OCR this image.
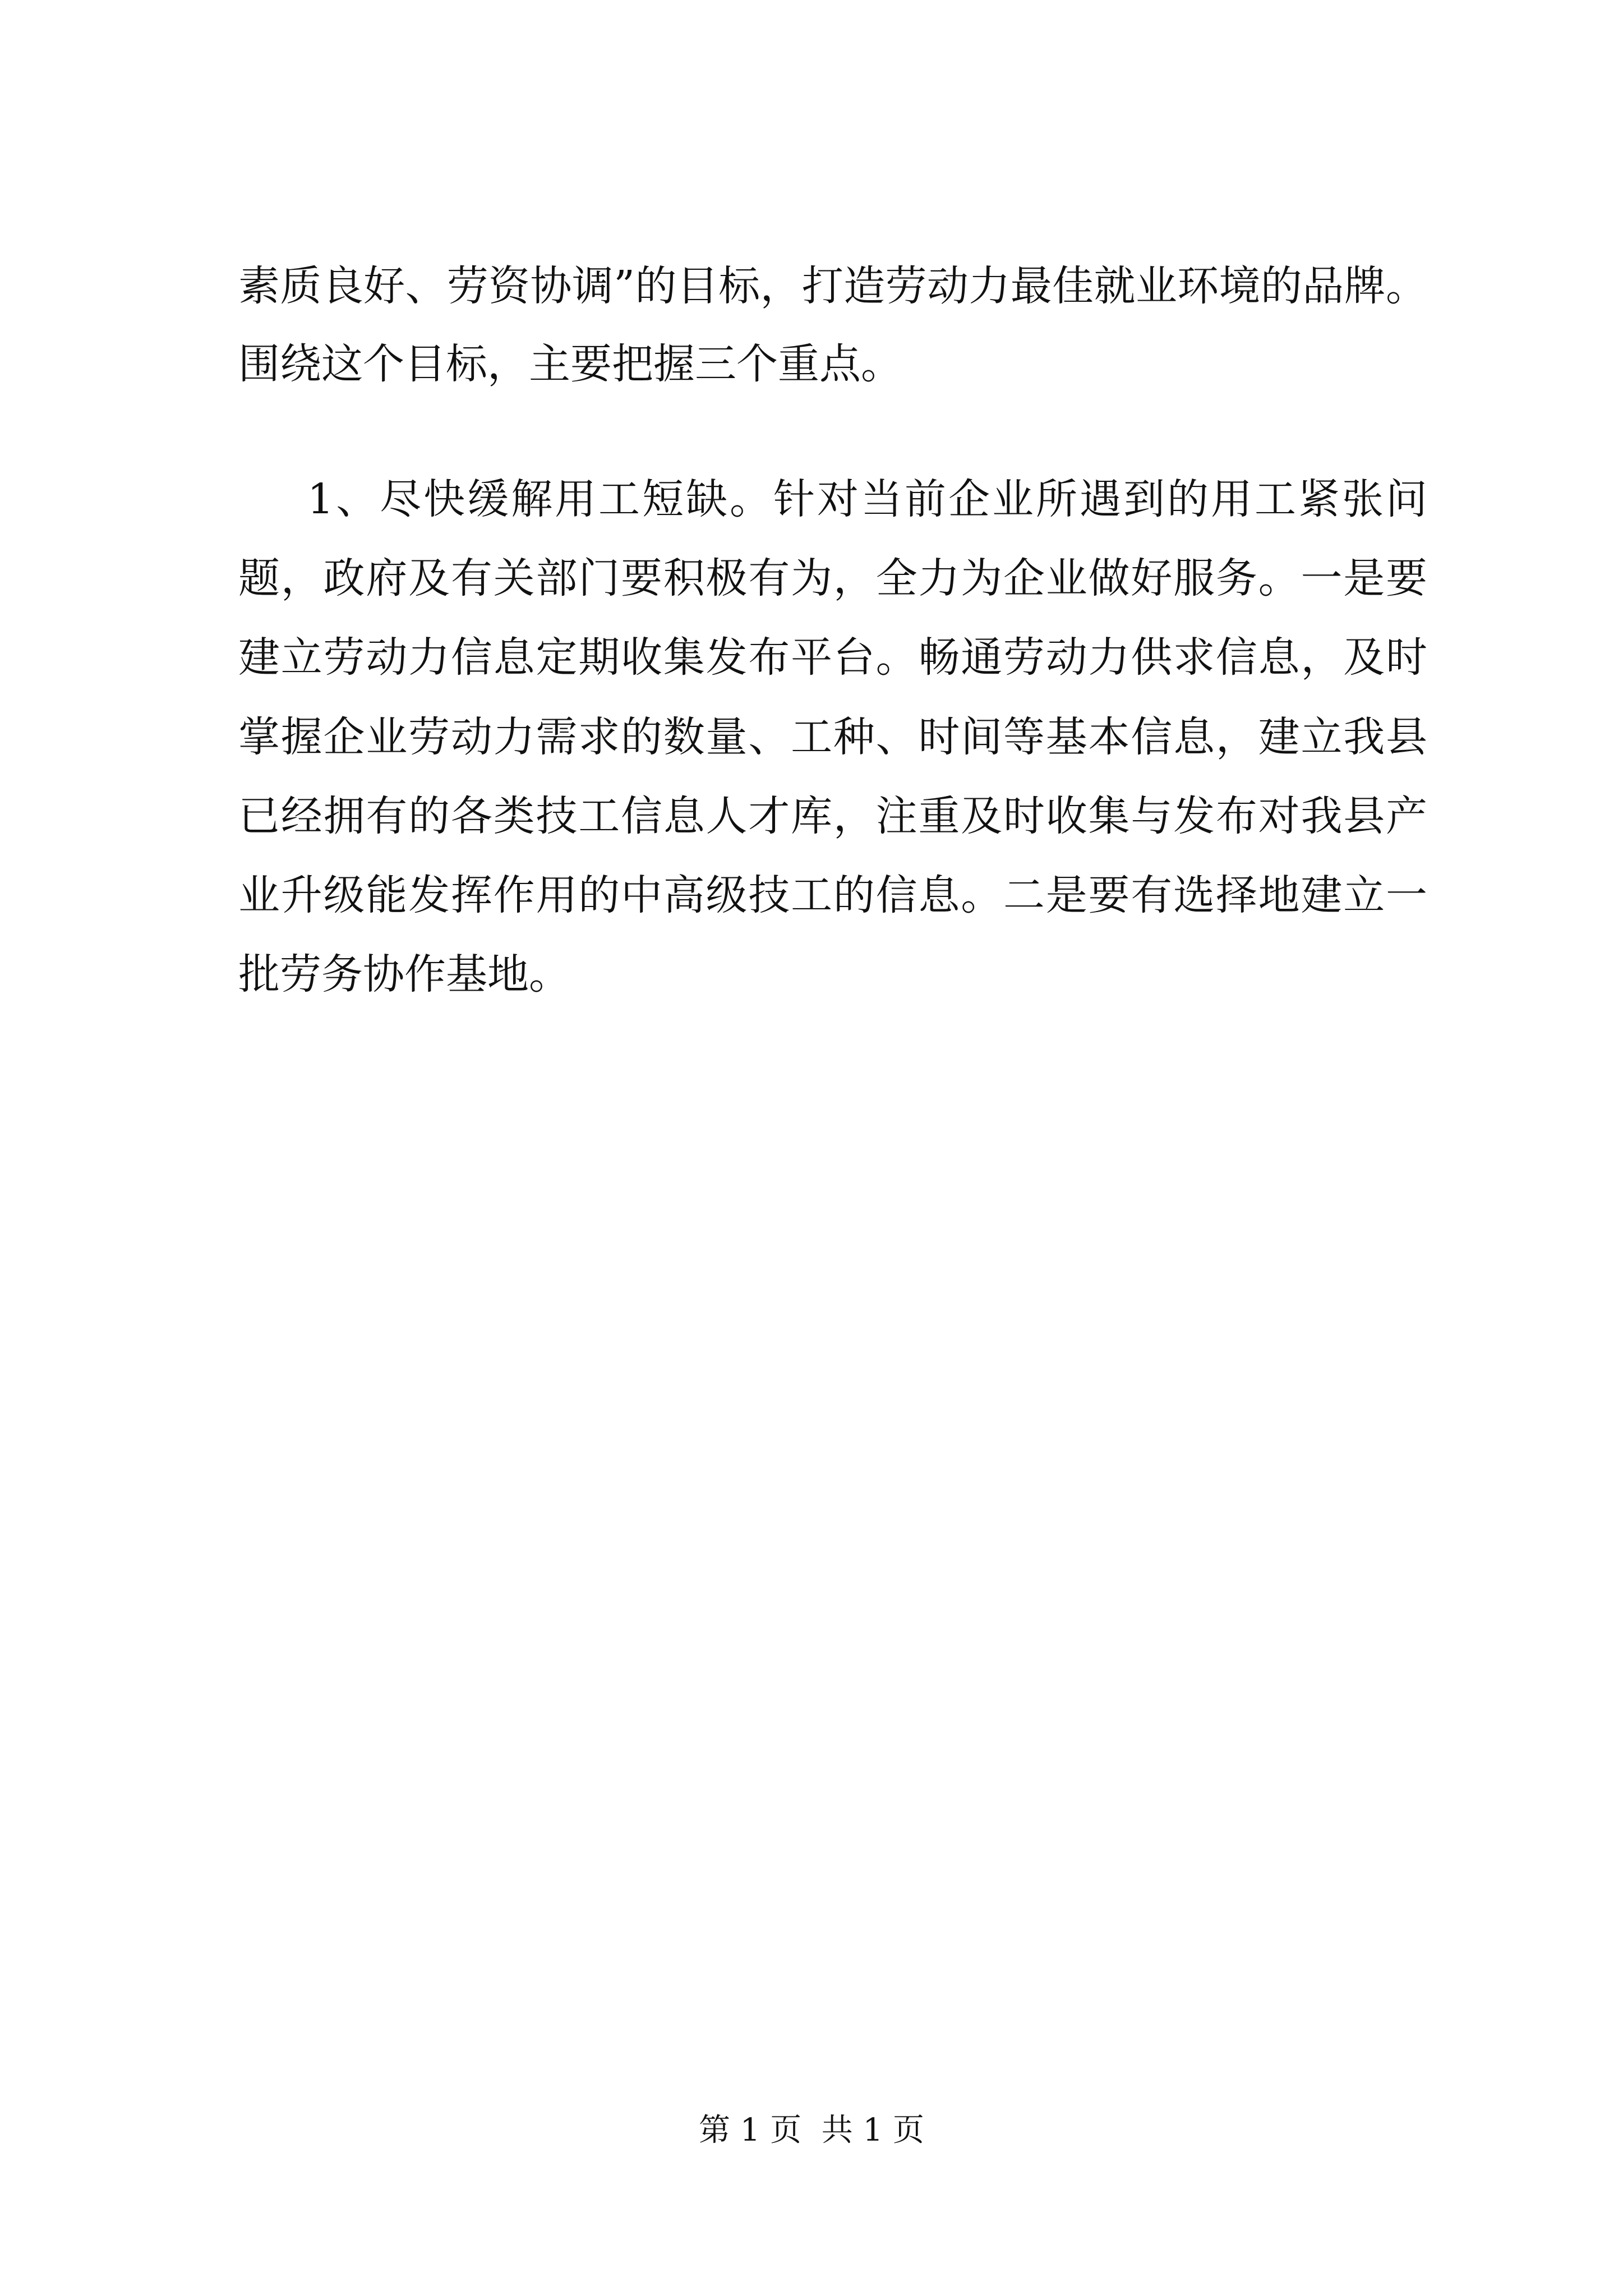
素质良好、劳资协调”的目标，打造劳动力最佳就业环境的品牌。
围绕这个目标，主要把握三个重点。
1、尽快缓解用工短缺。针对当前企业所遇到的用工紧张问
题，政府及有关部门要积极有为，全力为企业做好服务。一是要
建立劳动力信息定期收集发布平台。畅通劳动力供求信息，及时
掌握企业劳动力需求的数量、工种、时间等基本信息，建立我县
已经拥有的各类技工信息人才库，注重及时收集与发布对我县产
业升级能发挥作用的中高级技工的信息。二是要有选择地建立一
批劳务协作基地。
第 1 页  共 1 页
